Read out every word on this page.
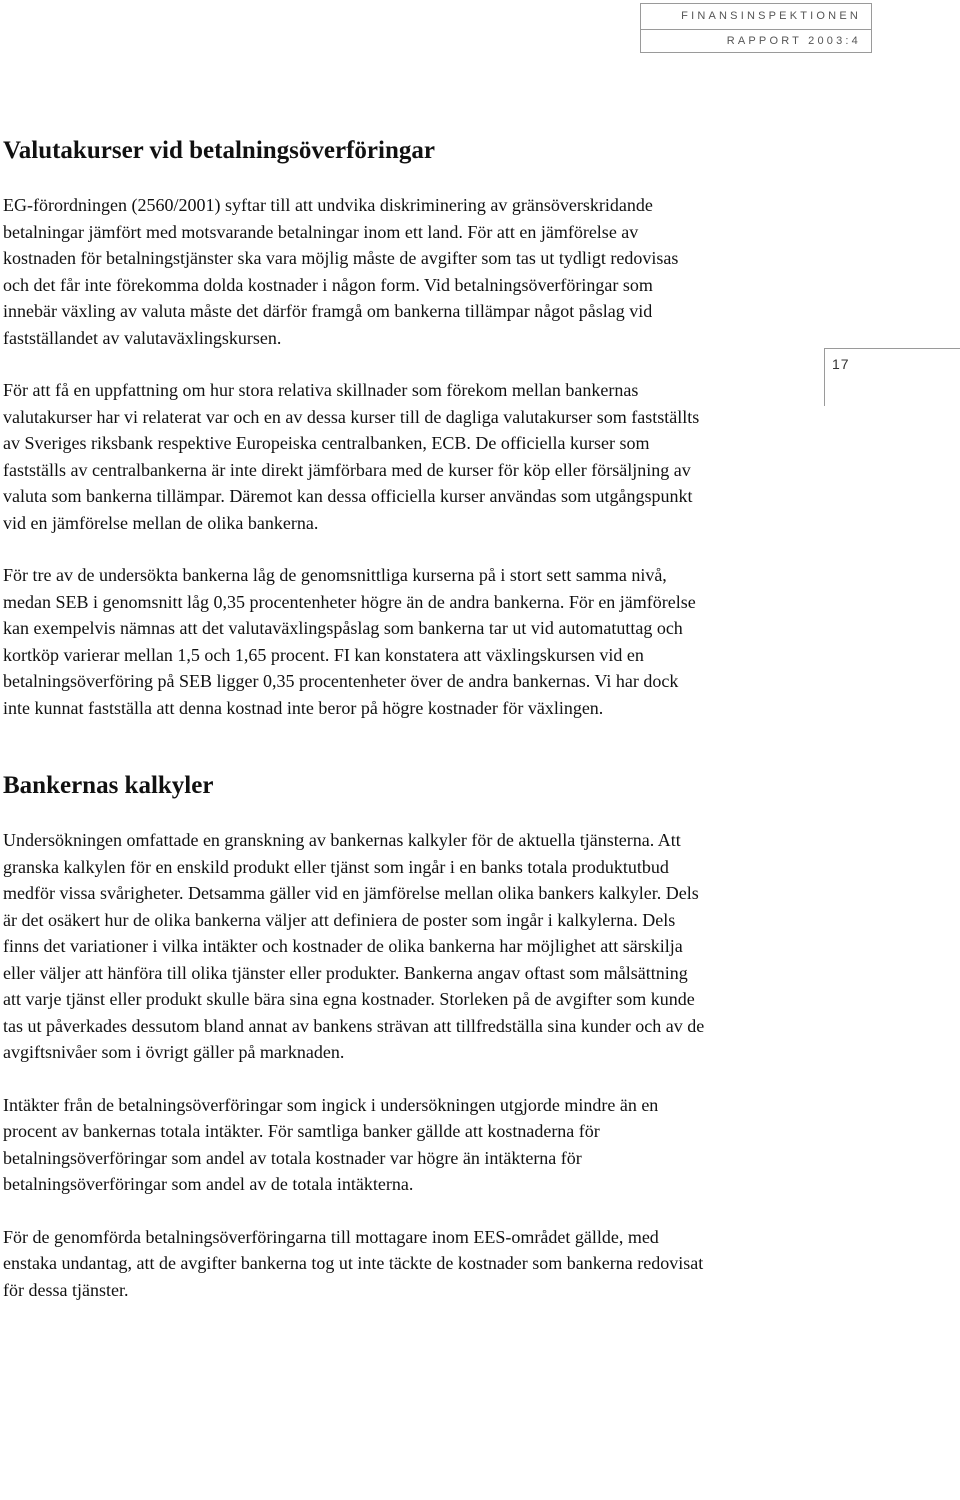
FINANSINSPEKTIONEN
RAPPORT 2003:4
17
Valutakurser vid betalningsöverföringar

EG-förordningen (2560/2001) syftar till att undvika diskriminering av gränsöverskridande betalningar jämfört med motsvarande betalningar inom ett land. För att en jämförelse av kostnaden för betalningstjänster ska vara möjlig måste de avgifter som tas ut tydligt redovisas och det får inte förekomma dolda kostnader i någon form. Vid betalningsöverföringar som innebär växling av valuta måste det därför framgå om bankerna tillämpar något påslag vid fastställandet av valutaväxlingskursen.

För att få en uppfattning om hur stora relativa skillnader som förekom mellan bankernas valutakurser har vi relaterat var och en av dessa kurser till de dagliga valutakurser som fastställts av Sveriges riksbank respektive Europeiska centralbanken, ECB. De officiella kurser som fastställs av centralbankerna är inte direkt jämförbara med de kurser för köp eller försäljning av valuta som bankerna tillämpar. Däremot kan dessa officiella kurser användas som utgångspunkt vid en jämförelse mellan de olika bankerna.

För tre av de undersökta bankerna låg de genomsnittliga kurserna på i stort sett samma nivå, medan SEB i genomsnitt låg 0,35 procentenheter högre än de andra bankerna. För en jämförelse kan exempelvis nämnas att det valutaväxlingspåslag som bankerna tar ut vid automatuttag och kortköp varierar mellan 1,5 och 1,65 procent. FI kan konstatera att växlingskursen vid en betalningsöverföring på SEB ligger 0,35 procentenheter över de andra bankernas. Vi har dock inte kunnat fastställa att denna kostnad inte beror på högre kostnader för växlingen.

Bankernas kalkyler

Undersökningen omfattade en granskning av bankernas kalkyler för de aktuella tjänsterna. Att granska kalkylen för en enskild produkt eller tjänst som ingår i en banks totala produktutbud medför vissa svårigheter. Detsamma gäller vid en jämförelse mellan olika bankers kalkyler. Dels är det osäkert hur de olika bankerna väljer att definiera de poster som ingår i kalkylerna. Dels finns det variationer i vilka intäkter och kostnader de olika bankerna har möjlighet att särskilja eller väljer att hänföra till olika tjänster eller produkter. Bankerna angav oftast som målsättning att varje tjänst eller produkt skulle bära sina egna kostnader. Storleken på de avgifter som kunde tas ut påverkades dessutom bland annat av bankens strävan att tillfredställa sina kunder och av de avgiftsnivåer som i övrigt gäller på marknaden.

Intäkter från de betalningsöverföringar som ingick i undersökningen utgjorde mindre än en procent av bankernas totala intäkter. För samtliga banker gällde att kostnaderna för betalningsöverföringar som andel av totala kostnader var högre än intäkterna för betalningsöverföringar som andel av de totala intäkterna.

För de genomförda betalningsöverföringarna till mottagare inom EES-området gällde, med enstaka undantag, att de avgifter bankerna tog ut inte täckte de kostnader som bankerna redovisat för dessa tjänster.
